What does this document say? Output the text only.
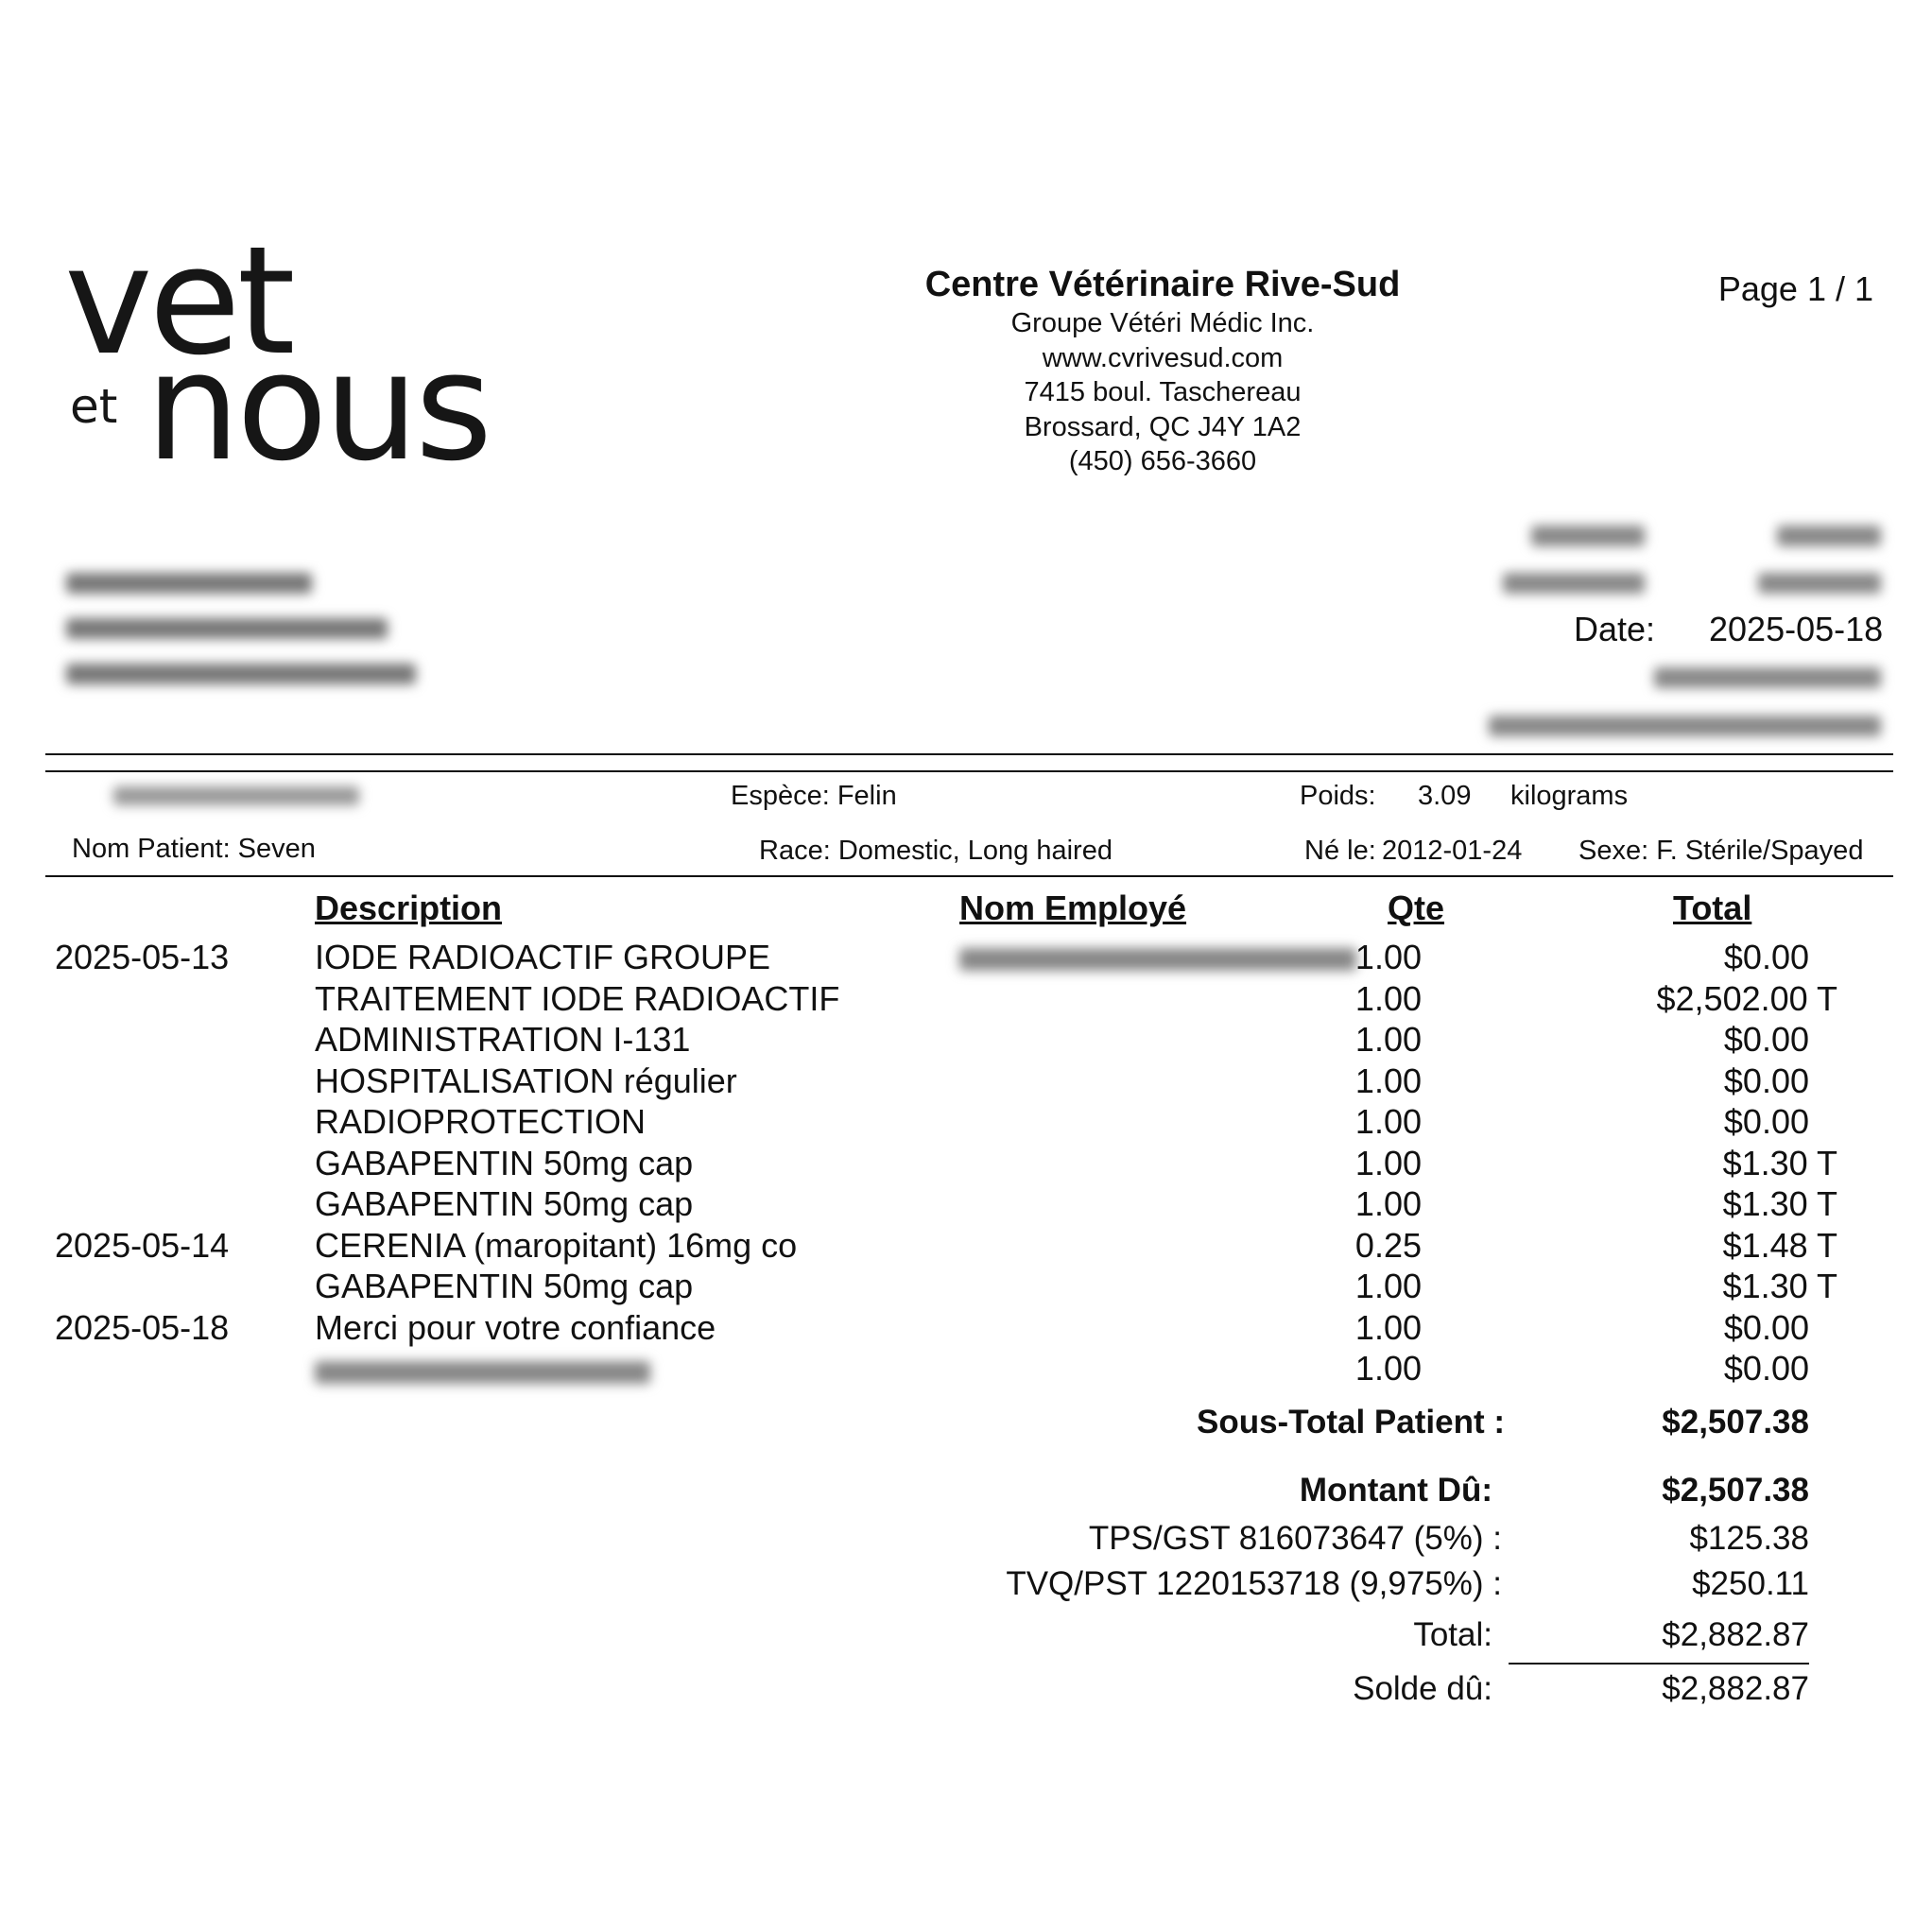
vet
et nous
Centre Vétérinaire Rive-Sud
Groupe Vétéri Médic Inc.
www.cvrivesud.com
7415 boul. Taschereau
Brossard, QC J4Y 1A2
(450) 656-3660
Page 1 / 1
Date: 2025-05-18
Espèce: Felin	Poids: 3.09 kilograms
Nom Patient: Seven	Race: Domestic, Long haired	Né le: 2012-01-24 Sexe: F. Stérile/Spayed
Description	Nom Employé	Qte	Total
2025-05-13	IODE RADIOACTIF GROUPE	1.00	$0.00
TRAITEMENT IODE RADIOACTIF	1.00	$2,502.00 T
ADMINISTRATION I-131	1.00	$0.00
HOSPITALISATION régulier	1.00	$0.00
RADIOPROTECTION	1.00	$0.00
GABAPENTIN 50mg cap	1.00	$1.30 T
GABAPENTIN 50mg cap	1.00	$1.30 T
2025-05-14	CERENIA (maropitant) 16mg co	0.25	$1.48 T
GABAPENTIN 50mg cap	1.00	$1.30 T
2025-05-18	Merci pour votre confiance	1.00	$0.00
1.00	$0.00
Sous-Total Patient :	$2,507.38
Montant Dû:	$2,507.38
TPS/GST 816073647 (5%) :	$125.38
TVQ/PST 1220153718 (9,975%) :	$250.11
Total:	$2,882.87
Solde dû:	$2,882.87
